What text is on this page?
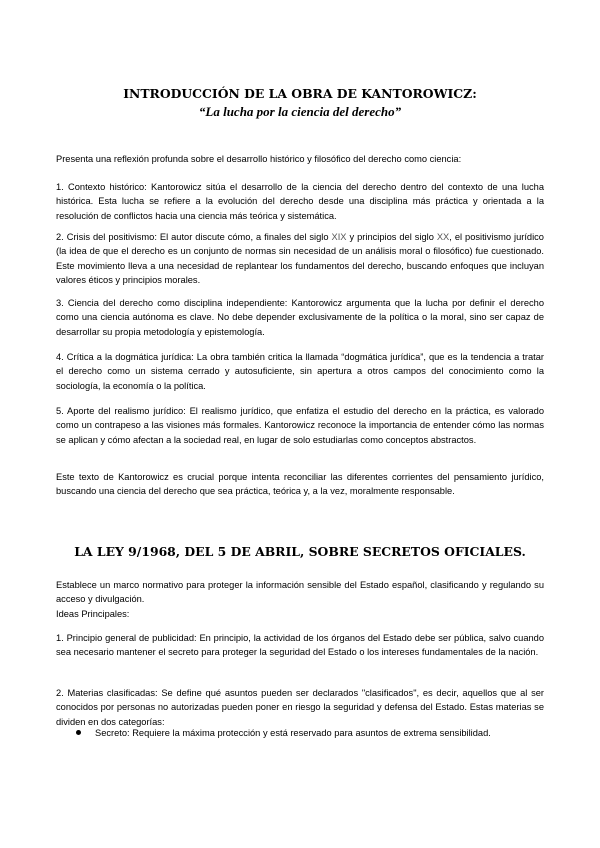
INTRODUCCIÓN DE LA OBRA DE KANTOROWICZ:
“La lucha por la ciencia del derecho”

Presenta una reflexión profunda sobre el desarrollo histórico y filosófico del derecho como ciencia:

1. Contexto histórico: Kantorowicz sitúa el desarrollo de la ciencia del derecho dentro del contexto de una lucha histórica. Esta lucha se refiere a la evolución del derecho desde una disciplina más práctica y orientada a la resolución de conflictos hacia una ciencia más teórica y sistemática.

2. Crisis del positivismo: El autor discute cómo, a finales del siglo XIX y principios del siglo XX, el positivismo jurídico (la idea de que el derecho es un conjunto de normas sin necesidad de un análisis moral o filosófico) fue cuestionado. Este movimiento lleva a una necesidad de replantear los fundamentos del derecho, buscando enfoques que incluyan valores éticos y principios morales.

3. Ciencia del derecho como disciplina independiente: Kantorowicz argumenta que la lucha por definir el derecho como una ciencia autónoma es clave. No debe depender exclusivamente de la política o la moral, sino ser capaz de desarrollar su propia metodología y epistemología.

4. Crítica a la dogmática jurídica: La obra también critica la llamada “dogmática jurídica”, que es la tendencia a tratar el derecho como un sistema cerrado y autosuficiente, sin apertura a otros campos del conocimiento como la sociología, la economía o la política.

5. Aporte del realismo jurídico: El realismo jurídico, que enfatiza el estudio del derecho en la práctica, es valorado como un contrapeso a las visiones más formales. Kantorowicz reconoce la importancia de entender cómo las normas se aplican y cómo afectan a la sociedad real, en lugar de solo estudiarlas como conceptos abstractos.

Este texto de Kantorowicz es crucial porque intenta reconciliar las diferentes corrientes del pensamiento jurídico, buscando una ciencia del derecho que sea práctica, teórica y, a la vez, moralmente responsable.

LA LEY 9/1968, DEL 5 DE ABRIL, SOBRE SECRETOS OFICIALES.

Establece un marco normativo para proteger la información sensible del Estado español, clasificando y regulando su acceso y divulgación.

Ideas Principales:

1. Principio general de publicidad: En principio, la actividad de los órganos del Estado debe ser pública, salvo cuando sea necesario mantener el secreto para proteger la seguridad del Estado o los intereses fundamentales de la nación.

2. Materias clasificadas: Se define qué asuntos pueden ser declarados "clasificados", es decir, aquellos que al ser conocidos por personas no autorizadas pueden poner en riesgo la seguridad y defensa del Estado. Estas materias se dividen en dos categorías:

Secreto: Requiere la máxima protección y está reservado para asuntos de extrema sensibilidad.
